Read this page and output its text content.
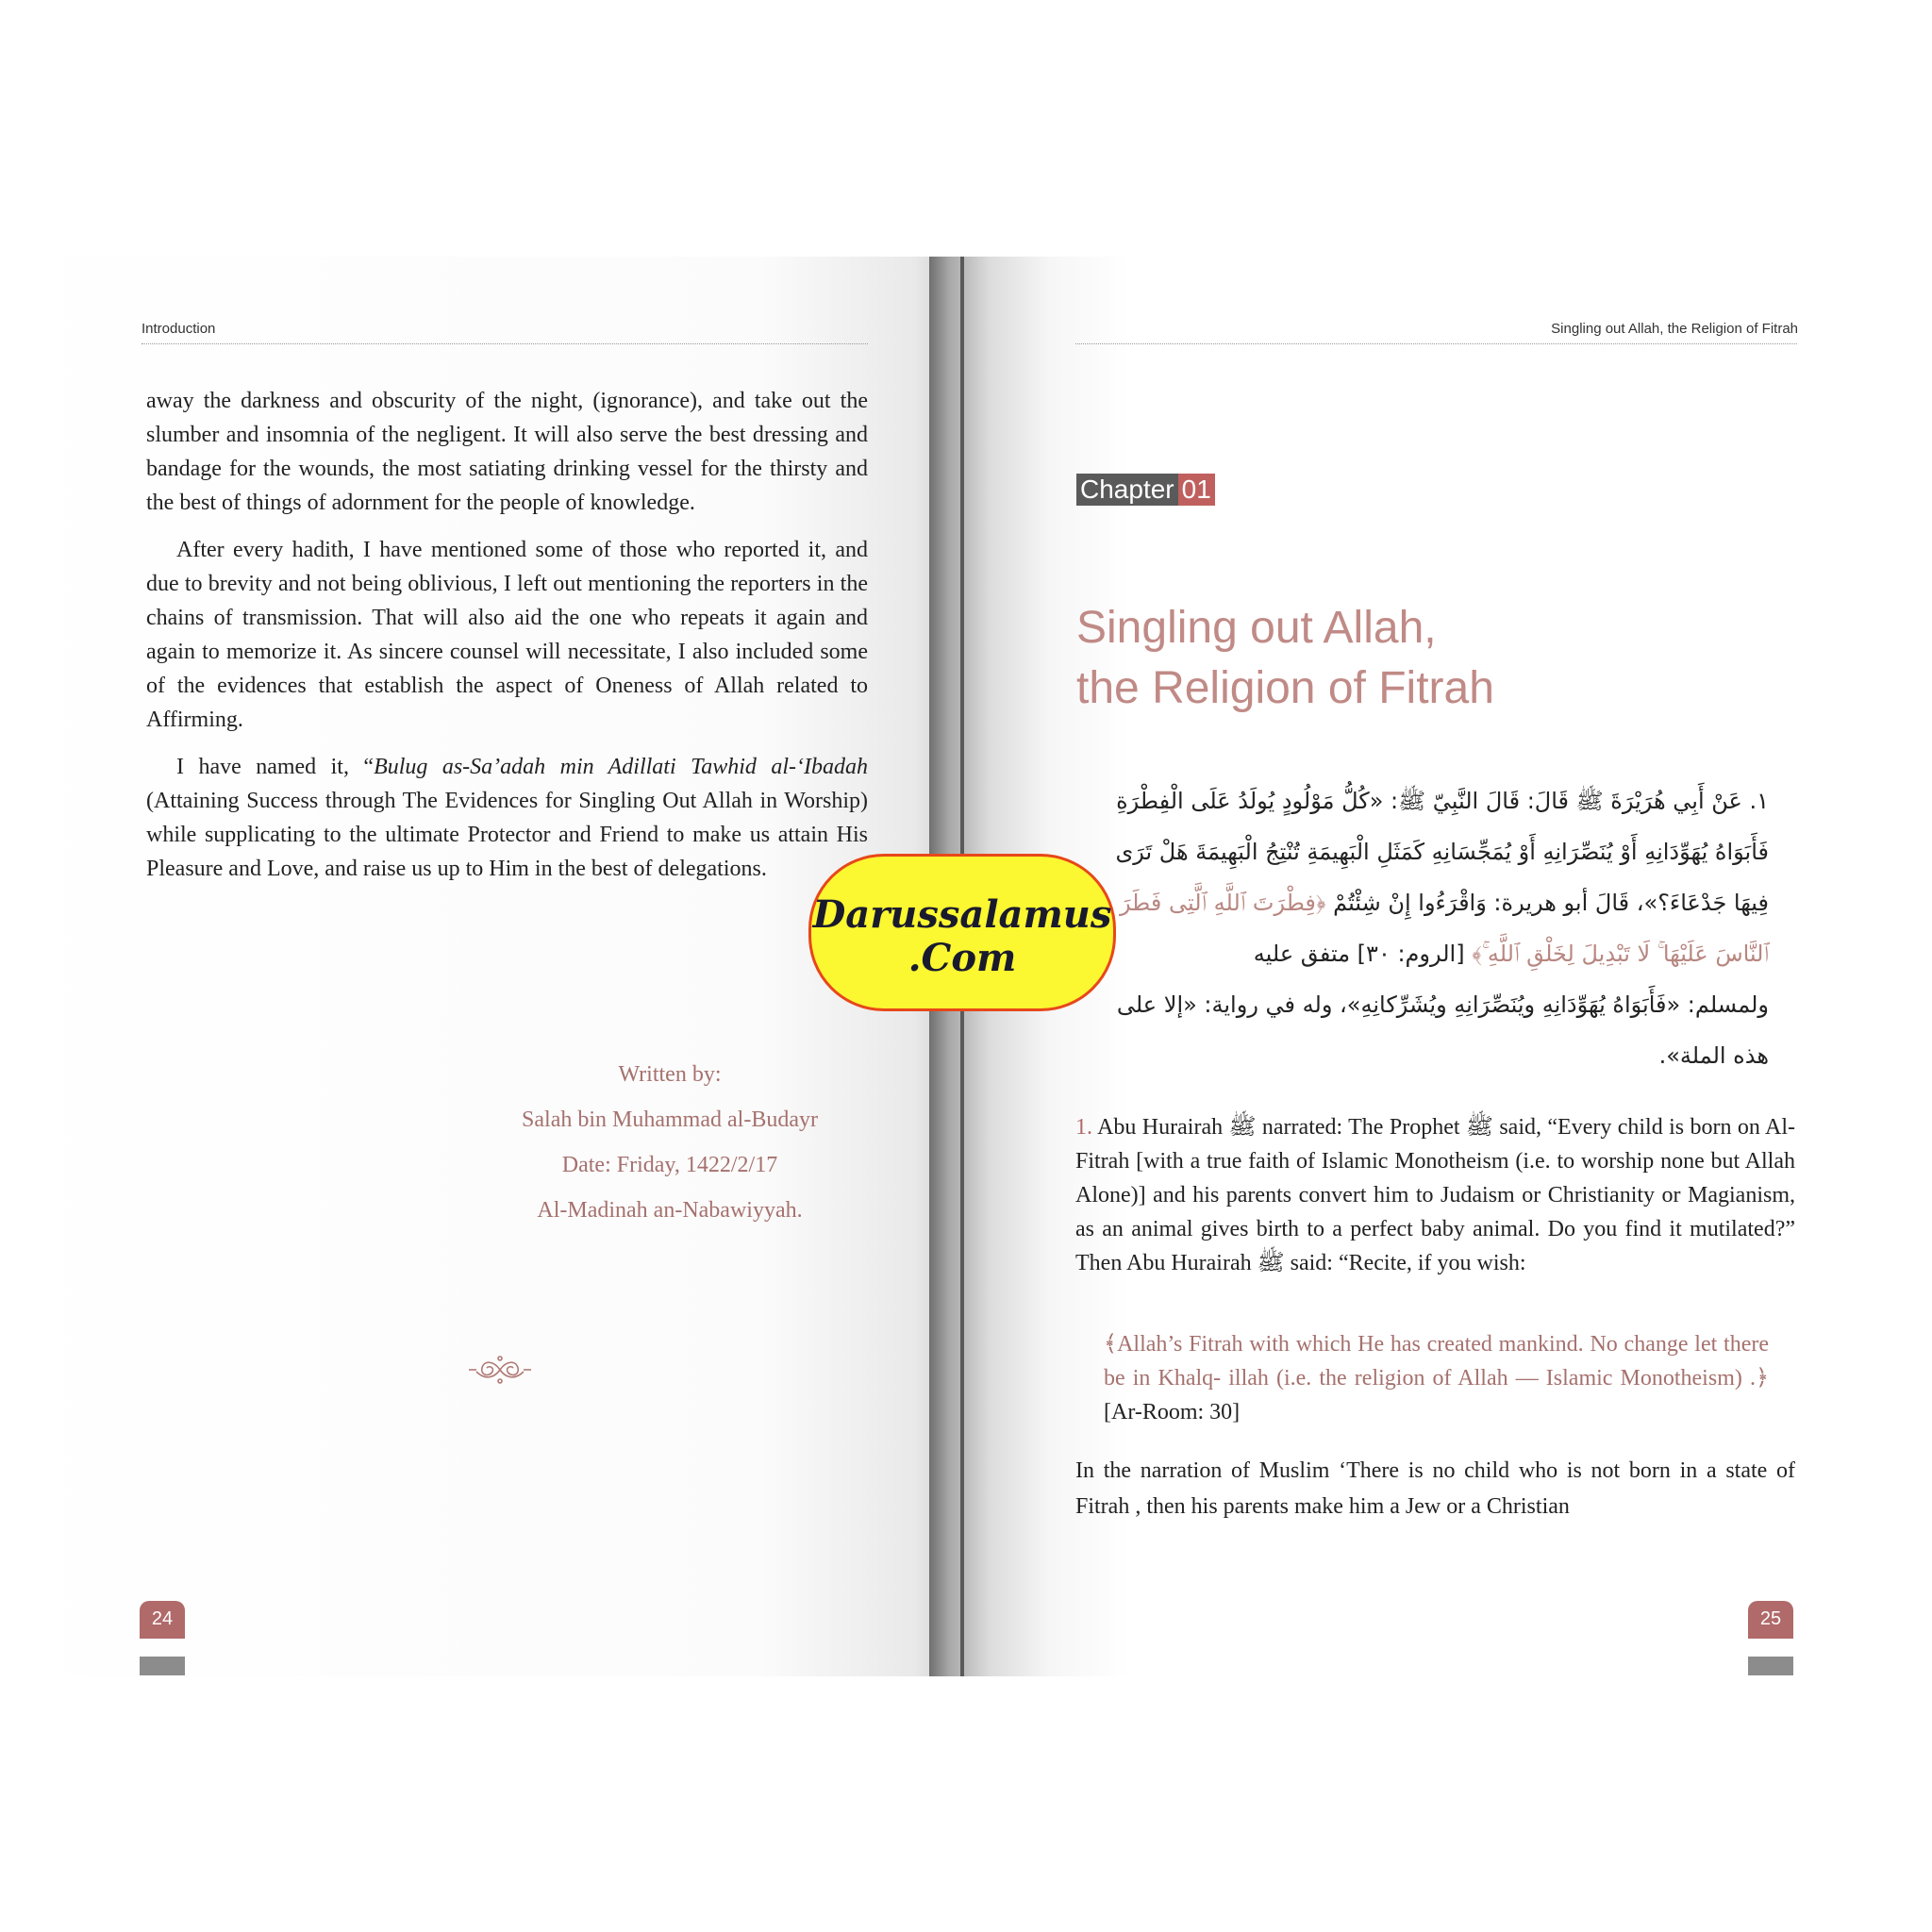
Introduction

away the darkness and obscurity of the night, (ignorance), and take out the slumber and insomnia of the negligent. It will also serve the best dressing and bandage for the wounds, the most satiating drinking vessel for the thirsty and the best of things of adornment for the people of knowledge.

After every hadith, I have mentioned some of those who reported it, and due to brevity and not being oblivious, I left out mentioning the reporters in the chains of transmission. That will also aid the one who repeats it again and again to memorize it. As sincere counsel will necessitate, I also included some of the evidences that establish the aspect of Oneness of Allah related to Affirming.

I have named it, “Bulug as-Sa’adah min Adillati Tawhid al-‘Ibadah (Attaining Success through The Evidences for Singling Out Allah in Worship) while supplicating to the ultimate Protector and Friend to make us attain His Pleasure and Love, and raise us up to Him in the best of delegations.

Written by:
Salah bin Muhammad al-Budayr
Date: Friday, 1422/2/17
Al-Madinah an-Nabawiyyah.
24
Singling out Allah, the Religion of Fitrah
Chapter 01
Singling out Allah,
the Religion of Fitrah
١. عَنْ أَبِي هُرَيْرَةَ ﷺ قَالَ: قَالَ النَّبِيّ ﷺ: «كُلُّ مَوْلُودٍ يُولَدُ عَلَى الْفِطْرَةِ فَأَبَوَاهُ يُهَوِّدَانِهِ أَوْ يُنَصِّرَانِهِ أَوْ يُمَجِّسَانِهِ كَمَثَلِ الْبَهِيمَةِ تُنْتِجُ الْبَهِيمَةَ هَلْ تَرَى فِيهَا جَدْعَاءَ؟»، قَالَ أبو هريرة: وَاقْرَءُوا إِنْ شِئْتُمْ ﴿فِطْرَتَ ٱللَّهِ ٱلَّتِى فَطَرَ ٱلنَّاسَ عَلَيْهَا ۚ لَا تَبْدِيلَ لِخَلْقِ ٱللَّهِ ۚ﴾ [الروم: ٣٠] متفق عليه
ولمسلم: «فَأَبَوَاهُ يُهَوِّدَانِهِ ويُنَصِّرَانِهِ ويُشَرِّكانِهِ»، وله في رواية: «إلا على هذه الملة».

1. Abu Hurairah ﷺ narrated: The Prophet ﷺ said, “Every child is born on Al-Fitrah [with a true faith of Islamic Monotheism (i.e. to worship none but Allah Alone)] and his parents convert him to Judaism or Christianity or Magianism, as an animal gives birth to a perfect baby animal. Do you find it mutilated?” Then Abu Hurairah ﷺ said: “Recite, if you wish:

﴾Allah’s Fitrah with which He has created mankind. No change let there be in Khalq- illah (i.e. the religion of Allah — Islamic Monotheism) .﴿ [Ar-Room: 30]
In the narration of Muslim ‘There is no child who is not born in a state of Fitrah , then his parents make him a Jew or a Christian
25
Darussalamus
.Com
